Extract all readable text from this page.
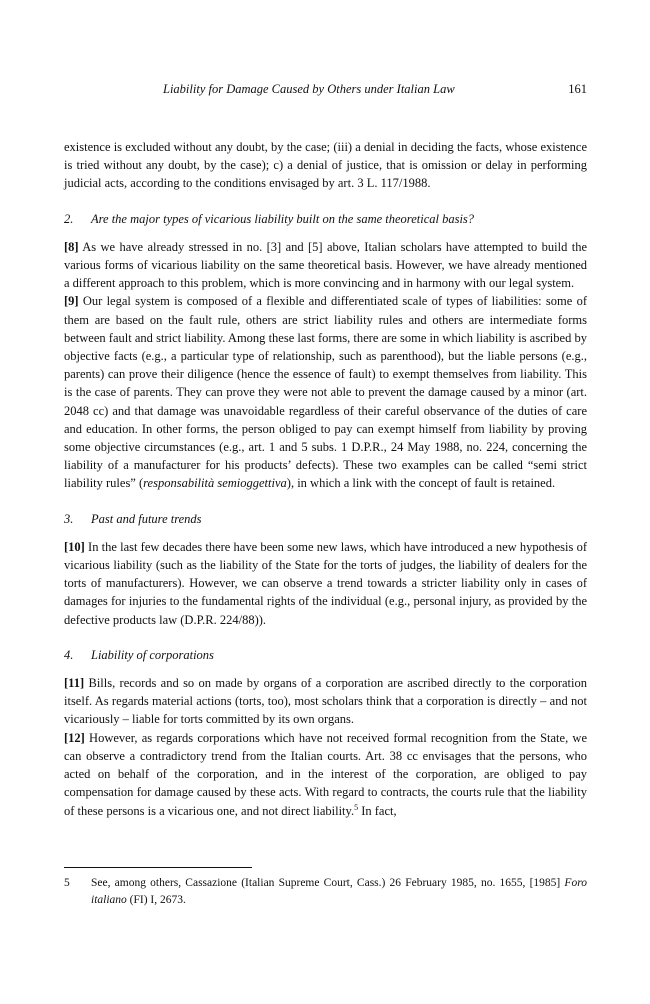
Liability for Damage Caused by Others under Italian Law	161

existence is excluded without any doubt, by the case; (iii) a denial in deciding the facts, whose existence is tried without any doubt, by the case); c) a denial of justice, that is omission or delay in performing judicial acts, according to the conditions envisaged by art. 3 L. 117/1988.

2. Are the major types of vicarious liability built on the same theoretical basis?

[8] As we have already stressed in no. [3] and [5] above, Italian scholars have attempted to build the various forms of vicarious liability on the same theoretical basis. However, we have already mentioned a different approach to this problem, which is more convincing and in harmony with our legal system.

[9] Our legal system is composed of a flexible and differentiated scale of types of liabilities: some of them are based on the fault rule, others are strict liability rules and others are intermediate forms between fault and strict liability. Among these last forms, there are some in which liability is ascribed by objective facts (e.g., a particular type of relationship, such as parenthood), but the liable persons (e.g., parents) can prove their diligence (hence the essence of fault) to exempt themselves from liability. This is the case of parents. They can prove they were not able to prevent the damage caused by a minor (art. 2048 cc) and that damage was unavoidable regardless of their careful observance of the duties of care and education. In other forms, the person obliged to pay can exempt himself from liability by proving some objective circumstances (e.g., art. 1 and 5 subs. 1 D.P.R., 24 May 1988, no. 224, concerning the liability of a manufacturer for his products’ defects). These two examples can be called “semi strict liability rules” (responsabilità semioggettiva), in which a link with the concept of fault is retained.

3. Past and future trends

[10] In the last few decades there have been some new laws, which have introduced a new hypothesis of vicarious liability (such as the liability of the State for the torts of judges, the liability of dealers for the torts of manufacturers). However, we can observe a trend towards a stricter liability only in cases of damages for injuries to the fundamental rights of the individual (e.g., personal injury, as provided by the defective products law (D.P.R. 224/88)).

4. Liability of corporations

[11] Bills, records and so on made by organs of a corporation are ascribed directly to the corporation itself. As regards material actions (torts, too), most scholars think that a corporation is directly – and not vicariously – liable for torts committed by its own organs.

[12] However, as regards corporations which have not received formal recognition from the State, we can observe a contradictory trend from the Italian courts. Art. 38 cc envisages that the persons, who acted on behalf of the corporation, and in the interest of the corporation, are obliged to pay compensation for damage caused by these acts. With regard to contracts, the courts rule that the liability of these persons is a vicarious one, and not direct liability.$^5$ In fact,

5 See, among others, Cassazione (Italian Supreme Court, Cass.) 26 February 1985, no. 1655, [1985] Foro italiano (FI) I, 2673.
